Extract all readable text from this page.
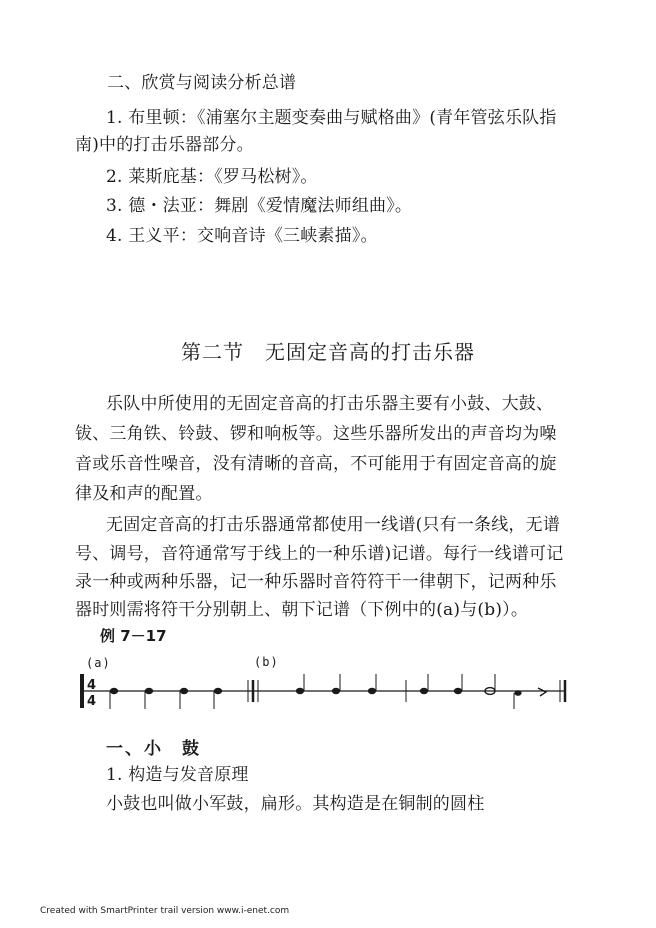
二、欣赏与阅读分析总谱
1. 布里顿：《浦塞尔主题变奏曲与赋格曲》(青年管弦乐队指
南)中的打击乐器部分。
2. 莱斯庇基：《罗马松树》。
3. 德・法亚：舞剧《爱情魔法师组曲》。
4. 王义平：交响音诗《三峡素描》。
第二节　无固定音高的打击乐器
乐队中所使用的无固定音高的打击乐器主要有小鼓、大鼓、
钹、三角铁、铃鼓、锣和响板等。这些乐器所发出的声音均为噪
音或乐音性噪音，没有清晰的音高，不可能用于有固定音高的旋
律及和声的配置。
无固定音高的打击乐器通常都使用一线谱(只有一条线，无谱
号、调号，音符通常写于线上的一种乐谱)记谱。每行一线谱可记
录一种或两种乐器，记一种乐器时音符符干一律朝下，记两种乐
器时则需将符干分别朝上、朝下记谱（下例中的(a)与(b)）。
例 7－17
(a)	(b)
4
4
一、小　鼓
1. 构造与发音原理
小鼓也叫做小军鼓，扁形。其构造是在铜制的圆柱
Created with SmartPrinter trail version www.i-enet.com
